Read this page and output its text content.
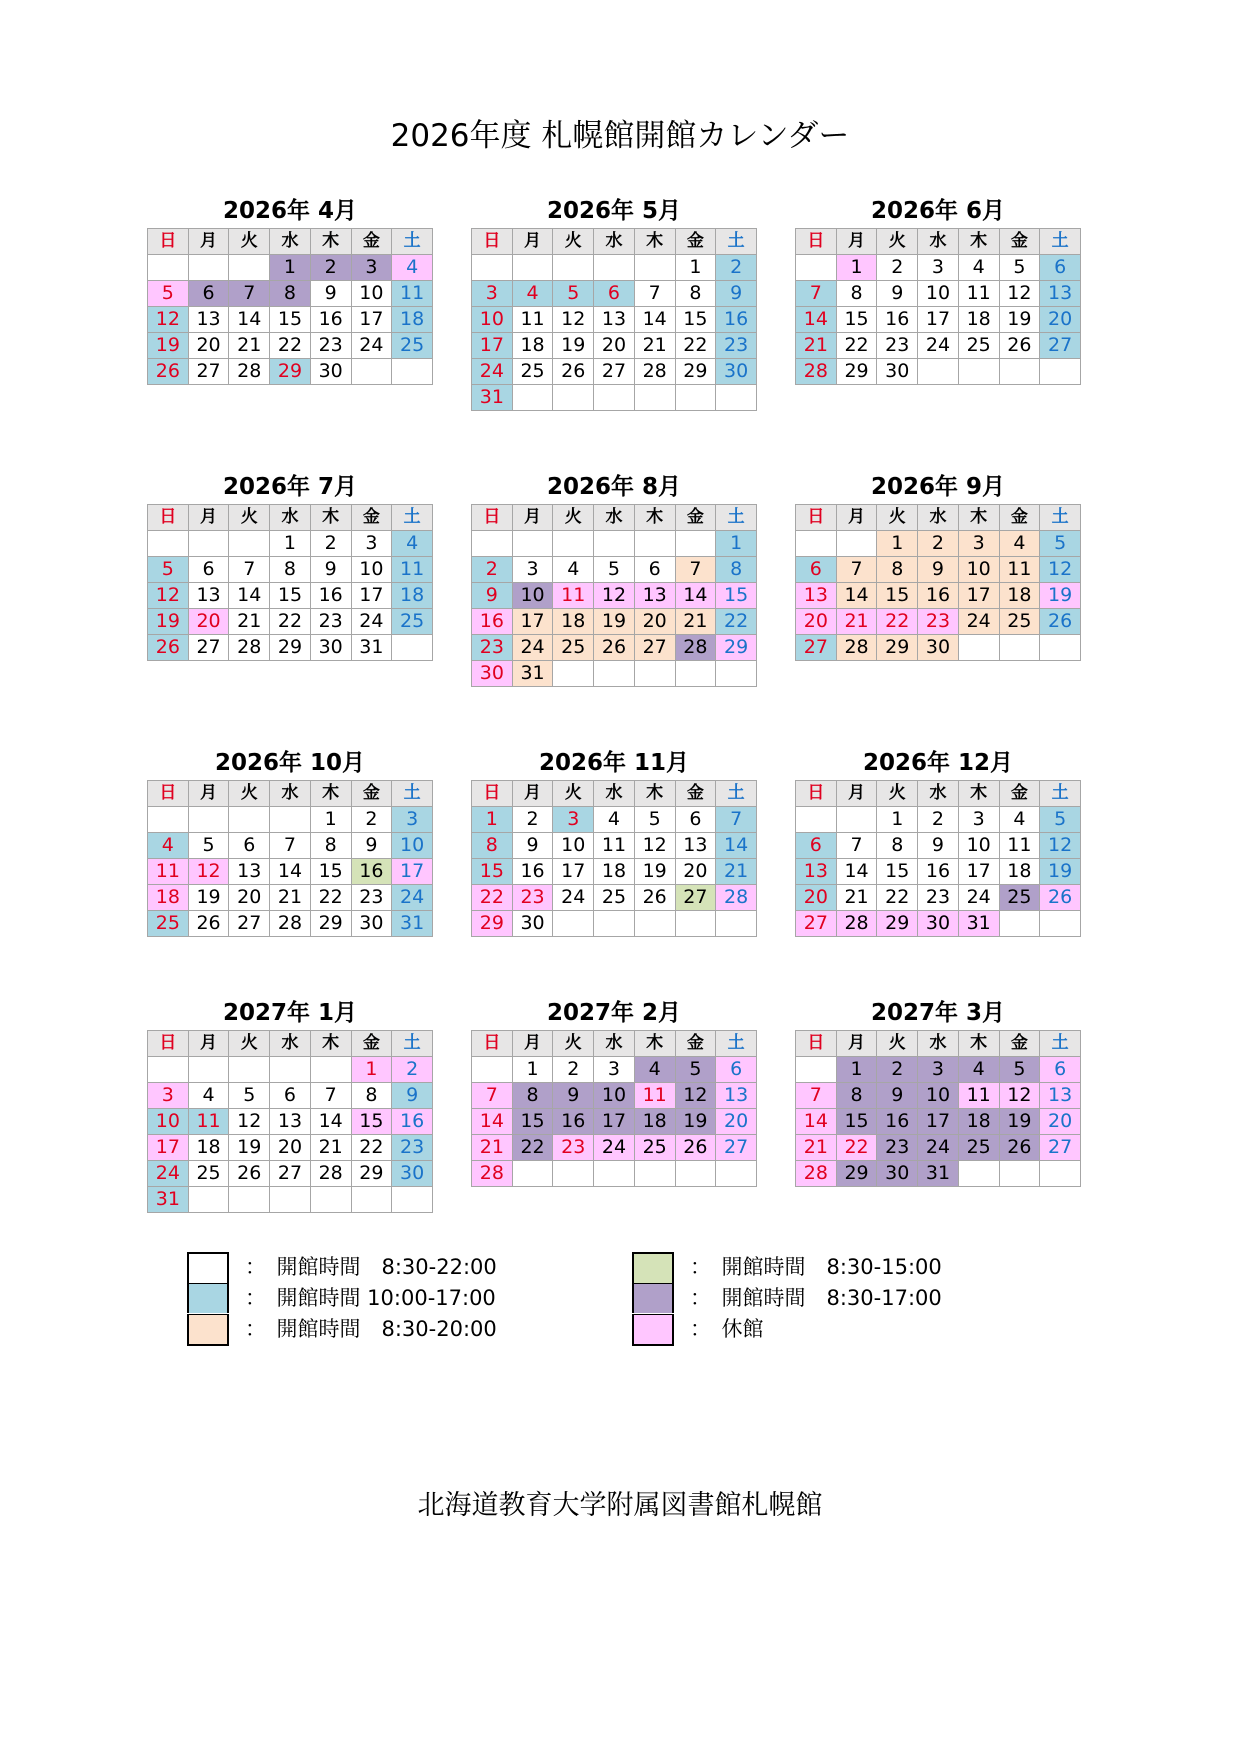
2026年度 札幌館開館カレンダー
2026年 4月
日	月	火	水	木	金	土
			1	2	3	4
5	6	7	8	9	10	11
12	13	14	15	16	17	18
19	20	21	22	23	24	25
26	27	28	29	30		
2026年 5月
日	月	火	水	木	金	土
					1	2
3	4	5	6	7	8	9
10	11	12	13	14	15	16
17	18	19	20	21	22	23
24	25	26	27	28	29	30
31						
2026年 6月
日	月	火	水	木	金	土
	1	2	3	4	5	6
7	8	9	10	11	12	13
14	15	16	17	18	19	20
21	22	23	24	25	26	27
28	29	30				
2026年 7月
日	月	火	水	木	金	土
			1	2	3	4
5	6	7	8	9	10	11
12	13	14	15	16	17	18
19	20	21	22	23	24	25
26	27	28	29	30	31	
2026年 8月
日	月	火	水	木	金	土
						1
2	3	4	5	6	7	8
9	10	11	12	13	14	15
16	17	18	19	20	21	22
23	24	25	26	27	28	29
30	31					
2026年 9月
日	月	火	水	木	金	土
		1	2	3	4	5
6	7	8	9	10	11	12
13	14	15	16	17	18	19
20	21	22	23	24	25	26
27	28	29	30			
2026年 10月
日	月	火	水	木	金	土
				1	2	3
4	5	6	7	8	9	10
11	12	13	14	15	16	17
18	19	20	21	22	23	24
25	26	27	28	29	30	31
2026年 11月
日	月	火	水	木	金	土
1	2	3	4	5	6	7
8	9	10	11	12	13	14
15	16	17	18	19	20	21
22	23	24	25	26	27	28
29	30					
2026年 12月
日	月	火	水	木	金	土
		1	2	3	4	5
6	7	8	9	10	11	12
13	14	15	16	17	18	19
20	21	22	23	24	25	26
27	28	29	30	31		
2027年 1月
日	月	火	水	木	金	土
					1	2
3	4	5	6	7	8	9
10	11	12	13	14	15	16
17	18	19	20	21	22	23
24	25	26	27	28	29	30
31						
2027年 2月
日	月	火	水	木	金	土
	1	2	3	4	5	6
7	8	9	10	11	12	13
14	15	16	17	18	19	20
21	22	23	24	25	26	27
28						
2027年 3月
日	月	火	水	木	金	土
	1	2	3	4	5	6
7	8	9	10	11	12	13
14	15	16	17	18	19	20
21	22	23	24	25	26	27
28	29	30	31			
：　開館時間　8:30-22:00
：　開館時間 10:00-17:00
：　開館時間　8:30-20:00
：　開館時間　8:30-15:00
：　開館時間　8:30-17:00
：　休館
北海道教育大学附属図書館札幌館
